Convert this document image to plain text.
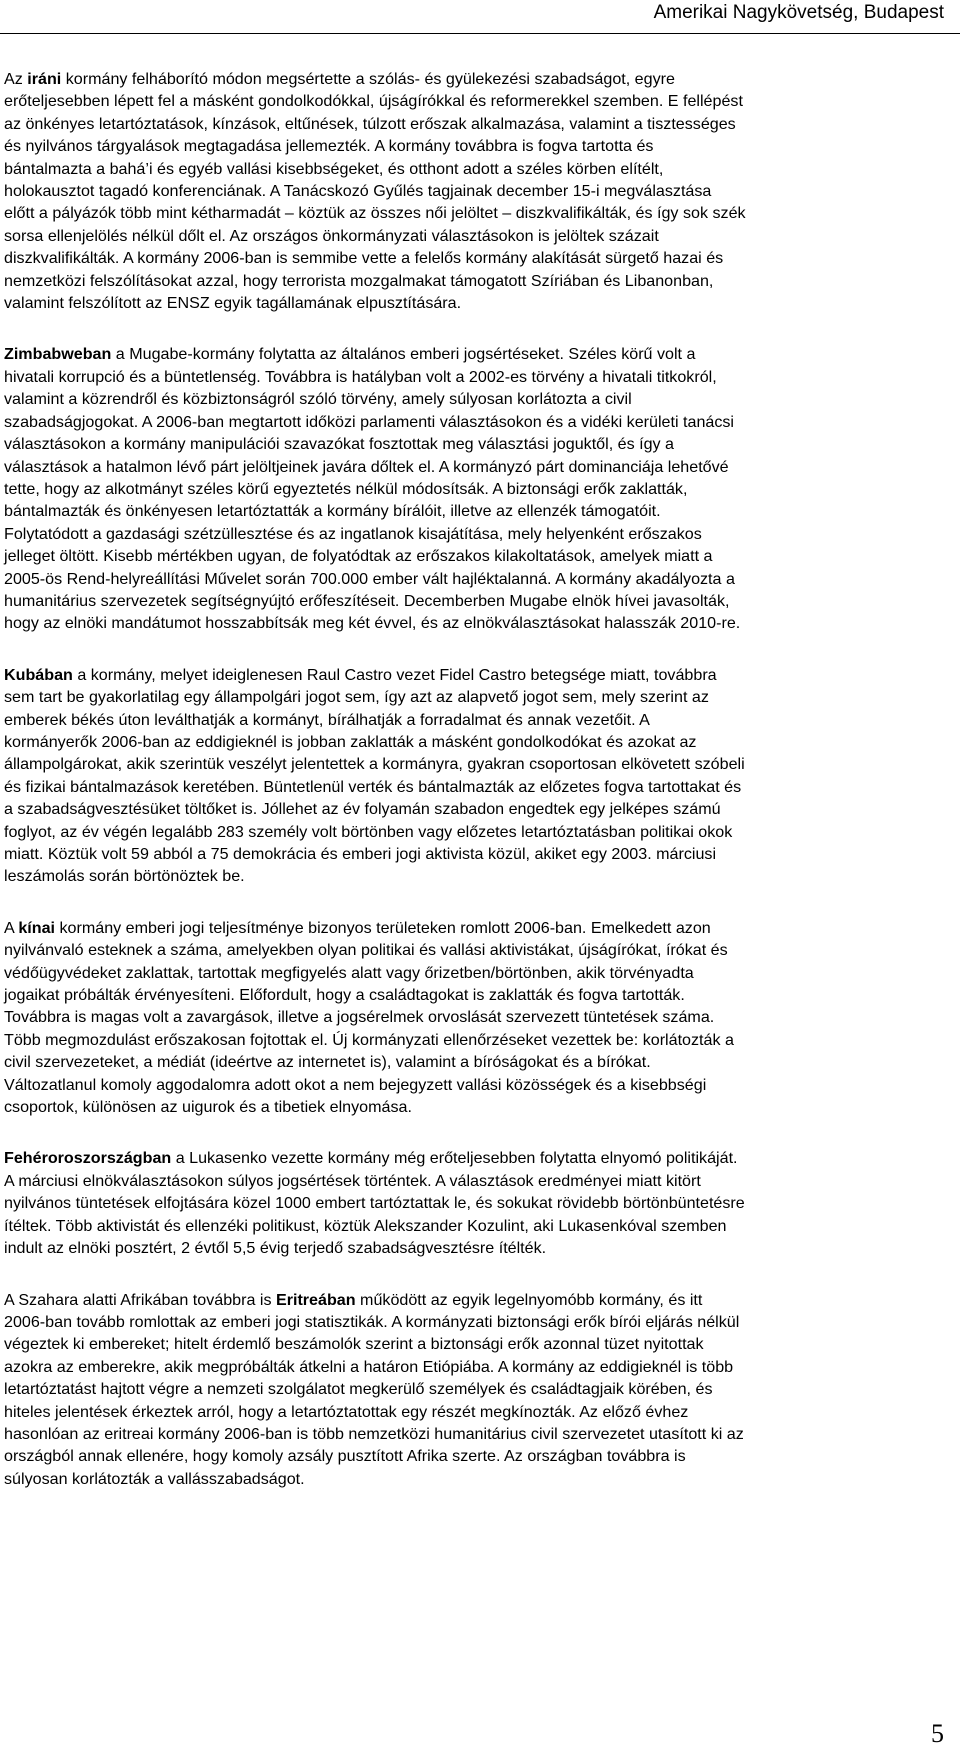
Amerikai Nagykövetség, Budapest

Az iráni kormány felháborító módon megsértette a szólás- és gyülekezési szabadságot, egyre
erőteljesebben lépett fel a másként gondolkodókkal, újságírókkal és reformerekkel szemben. E fellépést
az önkényes letartóztatások, kínzások, eltűnések, túlzott erőszak alkalmazása, valamint a tisztességes
és nyilvános tárgyalások megtagadása jellemezték. A kormány továbbra is fogva tartotta és
bántalmazta a bahá’i és egyéb vallási kisebbségeket, és otthont adott a széles körben elítélt,
holokausztot tagadó konferenciának. A Tanácskozó Gyűlés tagjainak december 15-i megválasztása
előtt a pályázók több mint kétharmadát – köztük az összes női jelöltet – diszkvalifikálták, és így sok szék
sorsa ellenjelölés nélkül dőlt el. Az országos önkormányzati választásokon is jelöltek százait
diszkvalifikálták. A kormány 2006-ban is semmibe vette a felelős kormány alakítását sürgető hazai és
nemzetközi felszólításokat azzal, hogy terrorista mozgalmakat támogatott Szíriában és Libanonban,
valamint felszólított az ENSZ egyik tagállamának elpusztítására.

Zimbabweban a Mugabe-kormány folytatta az általános emberi jogsértéseket. Széles körű volt a
hivatali korrupció és a büntetlenség. Továbbra is hatályban volt a 2002-es törvény a hivatali titkokról,
valamint a közrendről és közbiztonságról szóló törvény, amely súlyosan korlátozta a civil
szabadságjogokat. A 2006-ban megtartott időközi parlamenti választásokon és a vidéki kerületi tanácsi
választásokon a kormány manipulációi szavazókat fosztottak meg választási joguktől, és így a
választások a hatalmon lévő párt jelöltjeinek javára dőltek el. A kormányzó párt dominanciája lehetővé
tette, hogy az alkotmányt széles körű egyeztetés nélkül módosítsák. A biztonsági erők zaklatták,
bántalmazták és önkényesen letartóztatták a kormány bírálóit, illetve az ellenzék támogatóit.
Folytatódott a gazdasági szétzüllesztése és az ingatlanok kisajátítása, mely helyenként erőszakos
jelleget öltött. Kisebb mértékben ugyan, de folyatódtak az erőszakos kilakoltatások, amelyek miatt a
2005-ös Rend-helyreállítási Művelet során 700.000 ember vált hajléktalanná. A kormány akadályozta a
humanitárius szervezetek segítségnyújtó erőfeszítéseit. Decemberben Mugabe elnök hívei javasolták,
hogy az elnöki mandátumot hosszabbítsák meg két évvel, és az elnökválasztásokat halasszák 2010-re.

Kubában a kormány, melyet ideiglenesen Raul Castro vezet Fidel Castro betegsége miatt, továbbra
sem tart be gyakorlatilag egy állampolgári jogot sem, így azt az alapvető jogot sem, mely szerint az
emberek békés úton leválthatják a kormányt, bírálhatják a forradalmat és annak vezetőit. A
kormányerők 2006-ban az eddigieknél is jobban zaklatták a másként gondolkodókat és azokat az
állampolgárokat, akik szerintük veszélyt jelentettek a kormányra, gyakran csoportosan elkövetett szóbeli
és fizikai bántalmazások keretében. Büntetlenül verték és bántalmazták az előzetes fogva tartottakat és
a szabadságvesztésüket töltőket is. Jóllehet az év folyamán szabadon engedtek egy jelképes számú
foglyot, az év végén legalább 283 személy volt börtönben vagy előzetes letartóztatásban politikai okok
miatt. Köztük volt 59 abból a 75 demokrácia és emberi jogi aktivista közül, akiket egy 2003. márciusi
leszámolás során börtönöztek be.

A kínai kormány emberi jogi teljesítménye bizonyos területeken romlott 2006-ban. Emelkedett azon
nyilvánvaló esteknek a száma, amelyekben olyan politikai és vallási aktivistákat, újságírókat, írókat és
védőügyvédeket zaklattak, tartottak megfigyelés alatt vagy őrizetben/börtönben, akik törvényadta
jogaikat próbálták érvényesíteni. Előfordult, hogy a családtagokat is zaklatták és fogva tartották.
Továbbra is magas volt a zavargások, illetve a jogsérelmek orvoslását szervezett tüntetések száma.
Több megmozdulást erőszakosan fojtottak el. Új kormányzati ellenőrzéseket vezettek be: korlátozták a
civil szervezeteket, a médiát (ideértve az internetet is), valamint a bíróságokat és a bírókat.
Változatlanul komoly aggodalomra adott okot a nem bejegyzett vallási közösségek és a kisebbségi
csoportok, különösen az uigurok és a tibetiek elnyomása.

Fehéroroszországban a Lukasenko vezette kormány még erőteljesebben folytatta elnyomó politikáját.
A márciusi elnökválasztásokon súlyos jogsértések történtek. A választások eredményei miatt kitört
nyilvános tüntetések elfojtására közel 1000 embert tartóztattak le, és sokukat rövidebb börtönbüntetésre
ítéltek. Több aktivistát és ellenzéki politikust, köztük Alekszander Kozulint, aki Lukasenkóval szemben
indult az elnöki posztért, 2 évtől 5,5 évig terjedő szabadságvesztésre ítélték.

A Szahara alatti Afrikában továbbra is Eritreában működött az egyik legelnyomóbb kormány, és itt
2006-ban tovább romlottak az emberi jogi statisztikák. A kormányzati biztonsági erők bírói eljárás nélkül
végeztek ki embereket; hitelt érdemlő beszámolók szerint a biztonsági erők azonnal tüzet nyitottak
azokra az emberekre, akik megpróbálták átkelni a határon Etiópiába. A kormány az eddigieknél is több
letartóztatást hajtott végre a nemzeti szolgálatot megkerülő személyek és családtagjaik körében, és
hiteles jelentések érkeztek arról, hogy a letartóztatottak egy részét megkínozták. Az előző évhez
hasonlóan az eritreai kormány 2006-ban is több nemzetközi humanitárius civil szervezetet utasított ki az
országból annak ellenére, hogy komoly azsály pusztított Afrika szerte. Az országban továbbra is
súlyosan korlátozták a vallásszabadságot.

5
